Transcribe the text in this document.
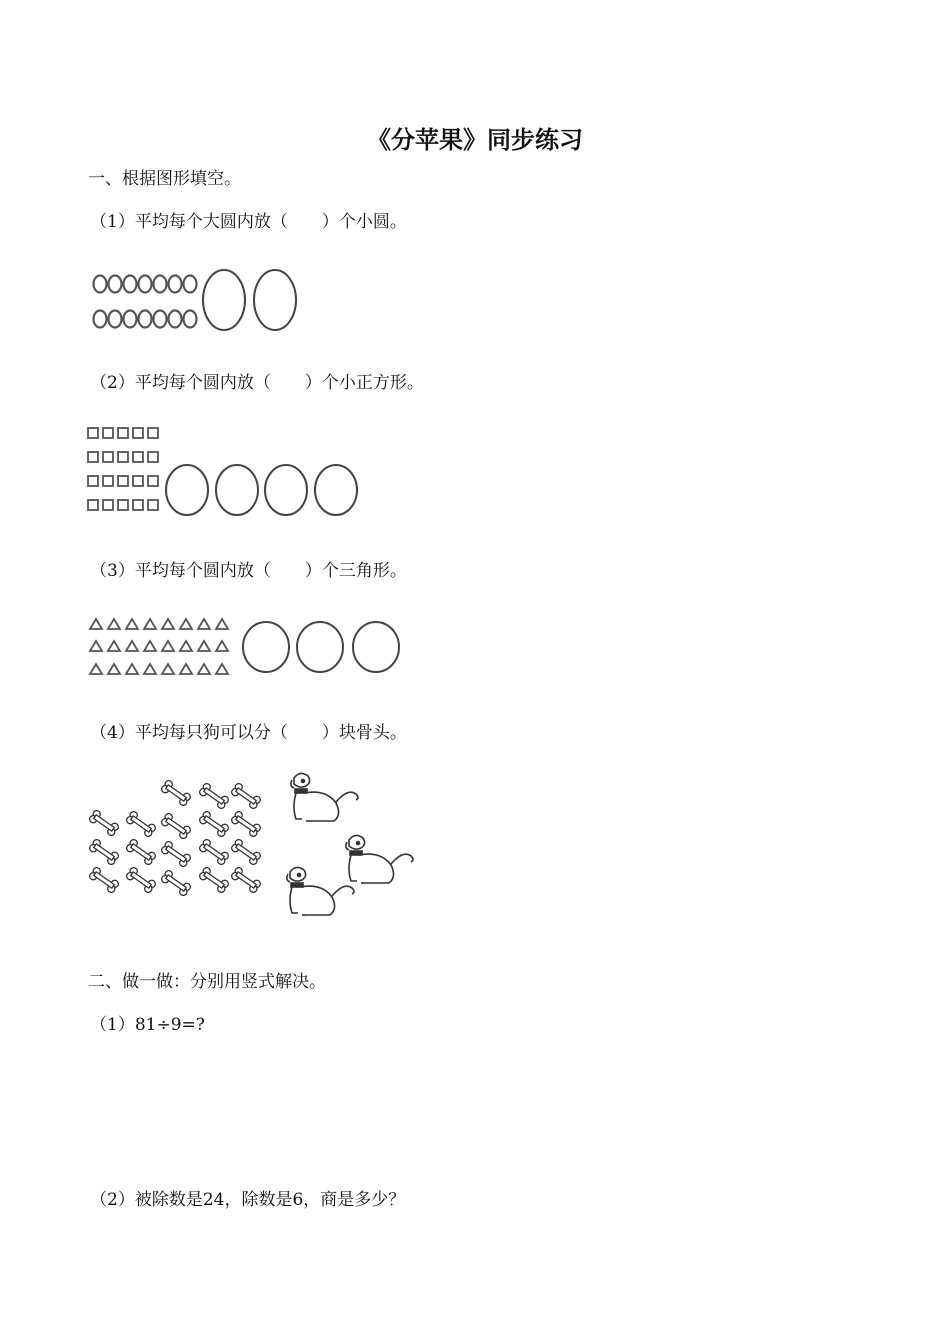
《分苹果》同步练习
一、根据图形填空。
（1）平均每个大圆内放（　　）个小圆。
（2）平均每个圆内放（　　）个小正方形。
（3）平均每个圆内放（　　）个三角形。
（4）平均每只狗可以分（　　）块骨头。
二、做一做：分别用竖式解决。
（1）81÷9=?
（2）被除数是24，除数是6，商是多少？
